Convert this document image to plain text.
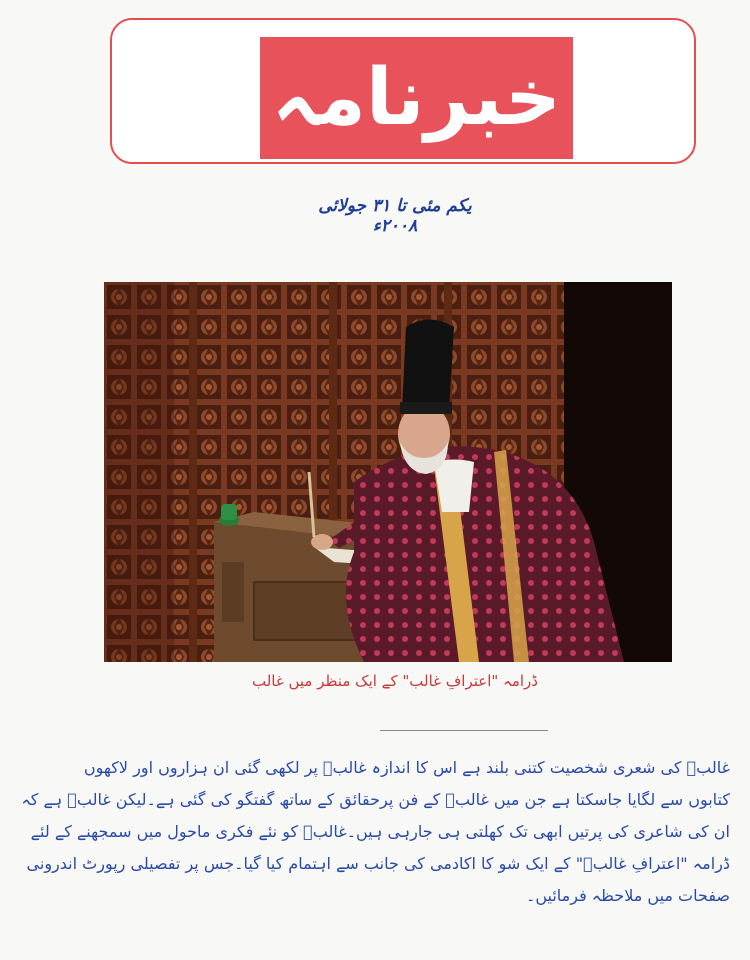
خبرنامہ
یکم مئی تا ۳۱ جولائی ۲۰۰۸ء
ڈرامہ "اعترافِ غالب" کے ایک منظر میں غالب
غالبؔ کی شعری شخصیت کتنی بلند ہے اس کا اندازہ غالبؔ پر لکھی گئی ان ہزاروں اور لاکھوں
کتابوں سے لگایا جاسکتا ہے جن میں غالبؔ کے فن پرحقائق کے ساتھ گفتگو کی گئی ہے۔لیکن غالبؔ ہے کہ
ان کی شاعری کی پرتیں ابھی تک کھلتی ہی جارہی ہیں۔غالبؔ کو نئے فکری ماحول میں سمجھنے کے لئے
ڈرامہ "اعترافِ غالبؔ" کے ایک شو کا اکادمی کی جانب سے اہتمام کیا گیا۔جس پر تفصیلی رپورٹ اندرونی
صفحات میں ملاحظہ فرمائیں۔
